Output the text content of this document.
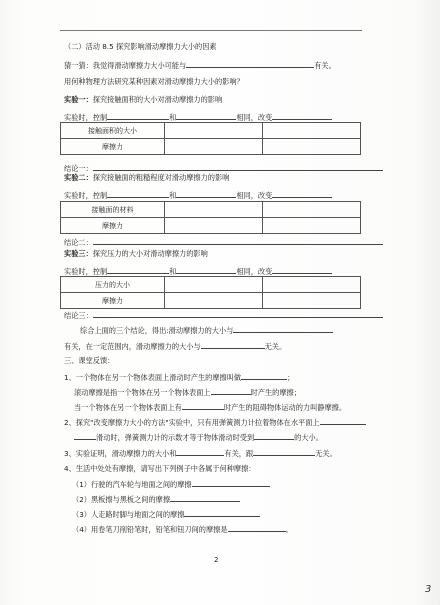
（二）活动 8.5 探究影响滑动摩擦力大小的因素
猜一猜：我觉得滑动摩擦力大小可能与	有关。
用何种物理方法研究某种因素对滑动摩擦力大小的影响？
实验一：探究接触面积的大小对滑动摩擦力的影响
实验时，控制	和	相同，改变
接触面积的大小		
摩擦力		
结论一：
实验二：探究接触面的粗糙程度对滑动摩擦力的影响
实验时，控制	和	相同，改变
接触面的材料		
摩擦力		
结论二：
实验三：探究压力的大小对滑动摩擦力的影响
实验时，控制	和	相同，改变
压力的大小		
摩擦力		
结论三：
综合上面的三个结论，得出:滑动摩擦力的大小与
有关，在一定范围内，滑动摩擦力的大小与	无关。
三、课堂反馈：
1、一个物体在另一个物体表面上滑动时产生的摩擦叫做	；
滚动摩擦是指一个物体在另一个物体表面上	时产生的摩擦；
当一个物体在另一个物体表面上有	时产生的阻碍物体运动的力叫静摩擦。
2、探究"改变摩擦力大小的方法"实验中，只有用弹簧测力计拉着物体在水平面上
滑动时，弹簧测力计的示数才等于物体滑动时受到	的大小。
3、实验证明，滑动摩擦力的大小和	有关，跟	无关。
4、生活中处处有摩擦，请写出下列例子中各属于何种摩擦：
（1）行驶的汽车轮与地面之间的摩擦
（2）黑板擦与黑板之间的摩擦
（3）人走路时脚与地面之间的摩擦
（4）用卷笔刀削铅笔时，铅笔和钮刀间的摩擦是	。
2
3
